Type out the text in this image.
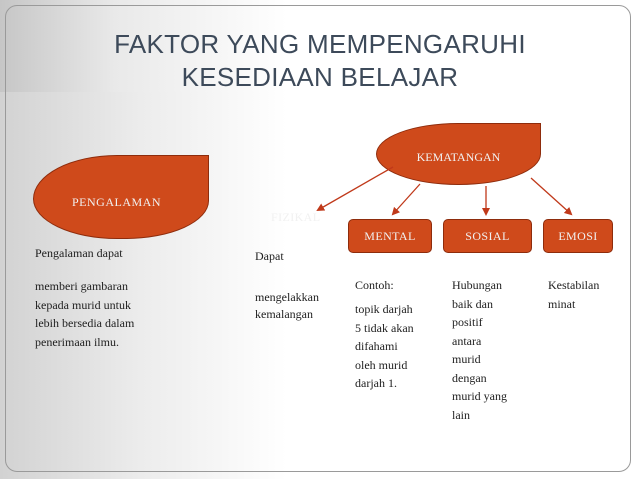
FAKTOR YANG MEMPENGARUHI
KESEDIAAN BELAJAR
PENGALAMAN
KEMATANGAN
FIZIKAL
MENTAL	SOSIAL	EMOSI
Pengalaman dapat
memberi gambaran
kepada murid untuk
lebih bersedia dalam
penerimaan ilmu.
Dapat
mengelakkan
kemalangan
Contoh:
topik darjah
5 tidak akan
difahami
oleh murid
darjah 1.
Hubungan
baik dan
positif
antara
murid
dengan
murid yang
lain
Kestabilan
minat
